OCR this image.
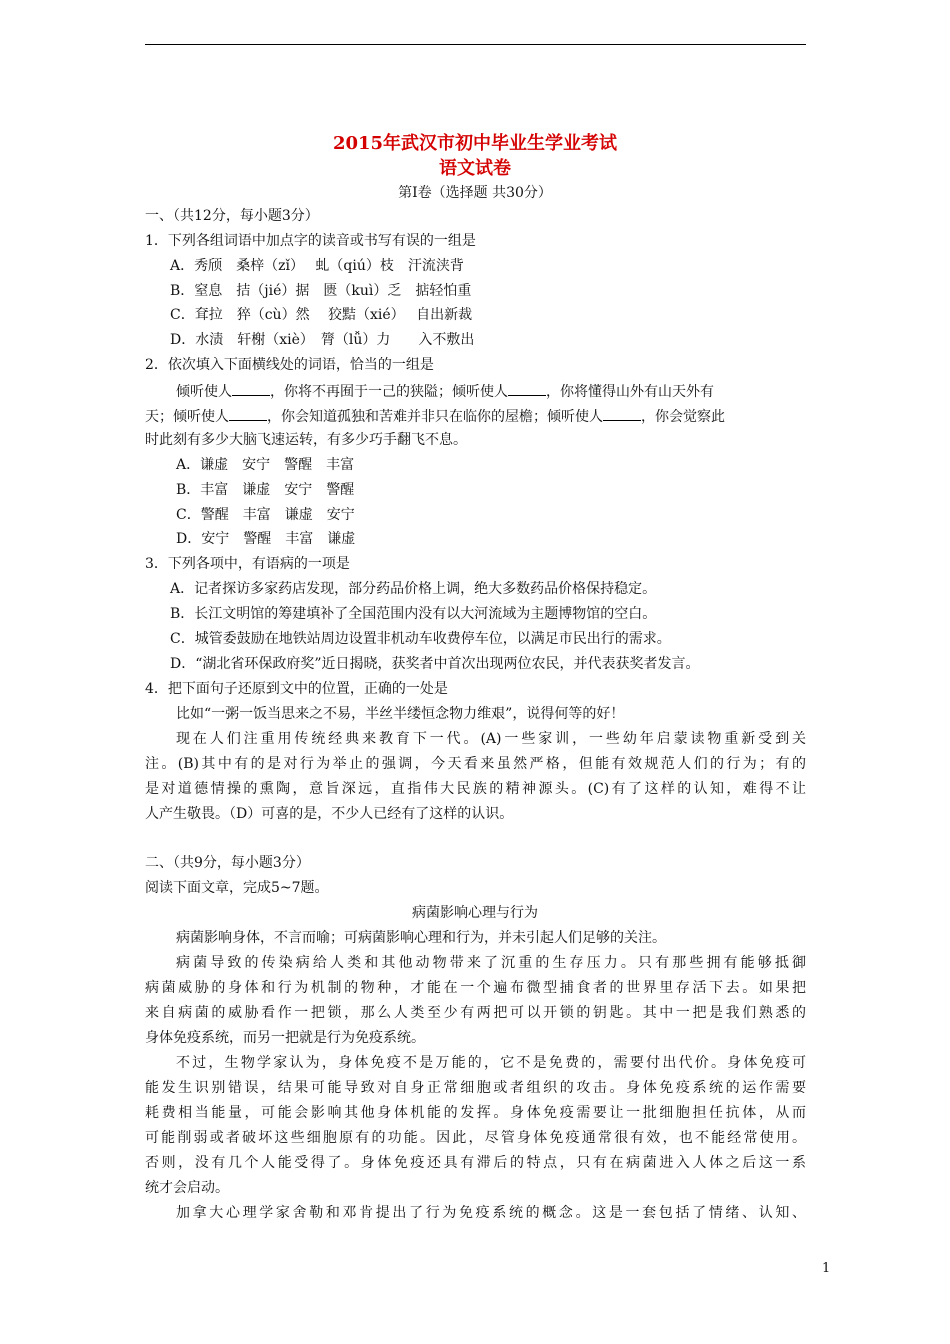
2015年武汉市初中毕业生学业考试
语文试卷
第Ⅰ卷（选择题 共30分）
一、（共12分，每小题3分）
1．下列各组词语中加点字的读音或书写有误的一组是
A．秀颀　桑梓（zǐ）　 虬（qiú）枝　汗流浃背
B．窒息　拮（jié）据　匮（kuì）乏　掂轻怕重
C．耷拉　猝（cù）然　 狡黠（xié）　 自出新裁
D．水渍　轩榭（xiè）　膂（lǚ）力　　入不敷出
2．依次填入下面横线处的词语，恰当的一组是
倾听使人	，你将不再囿于一己的狭隘；倾听使人	，你将懂得山外有山天外有
天；倾听使人	，你会知道孤独和苦难并非只在临你的屋檐；倾听使人	，你会觉察此
时此刻有多少大脑飞速运转，有多少巧手翻飞不息。
A．谦虚　安宁　警醒　丰富
B．丰富　谦虚　安宁　警醒
C．警醒　丰富　谦虚　安宁
D．安宁　警醒　丰富　谦虚
3．下列各项中，有语病的一项是
A．记者探访多家药店发现，部分药品价格上调，绝大多数药品价格保持稳定。
B．长江文明馆的筹建填补了全国范围内没有以大河流域为主题博物馆的空白。
C．城管委鼓励在地铁站周边设置非机动车收费停车位，以满足市民出行的需求。
D．“湖北省环保政府奖”近日揭晓，获奖者中首次出现两位农民，并代表获奖者发言。
4．把下面句子还原到文中的位置，正确的一处是
比如“一粥一饭当思来之不易，半丝半缕恒念物力维艰”，说得何等的好！
现在人们注重用传统经典来教育下一代。(A)一些家训，一些幼年启蒙读物重新受到关
注。(B)其中有的是对行为举止的强调，今天看来虽然严格，但能有效规范人们的行为；有的
是对道德情操的熏陶，意旨深远，直指伟大民族的精神源头。(C)有了这样的认知，难得不让
人产生敬畏。（D）可喜的是，不少人已经有了这样的认识。
二、（共9分，每小题3分）
阅读下面文章，完成5~7题。
病菌影响心理与行为
病菌影响身体，不言而喻；可病菌影响心理和行为，并未引起人们足够的关注。
病菌导致的传染病给人类和其他动物带来了沉重的生存压力。只有那些拥有能够抵御
病菌威胁的身体和行为机制的物种，才能在一个遍布微型捕食者的世界里存活下去。如果把
来自病菌的威胁看作一把锁，那么人类至少有两把可以开锁的钥匙。其中一把是我们熟悉的
身体免疫系统，而另一把就是行为免疫系统。
不过，生物学家认为，身体免疫不是万能的，它不是免费的，需要付出代价。身体免疫可
能发生识别错误，结果可能导致对自身正常细胞或者组织的攻击。身体免疫系统的运作需要
耗费相当能量，可能会影响其他身体机能的发挥。身体免疫需要让一批细胞担任抗体，从而
可能削弱或者破坏这些细胞原有的功能。因此，尽管身体免疫通常很有效，也不能经常使用。
否则，没有几个人能受得了。身体免疫还具有滞后的特点，只有在病菌进入人体之后这一系
统才会启动。
加拿大心理学家舍勒和邓肯提出了行为免疫系统的概念。这是一套包括了情绪、认知、
1
